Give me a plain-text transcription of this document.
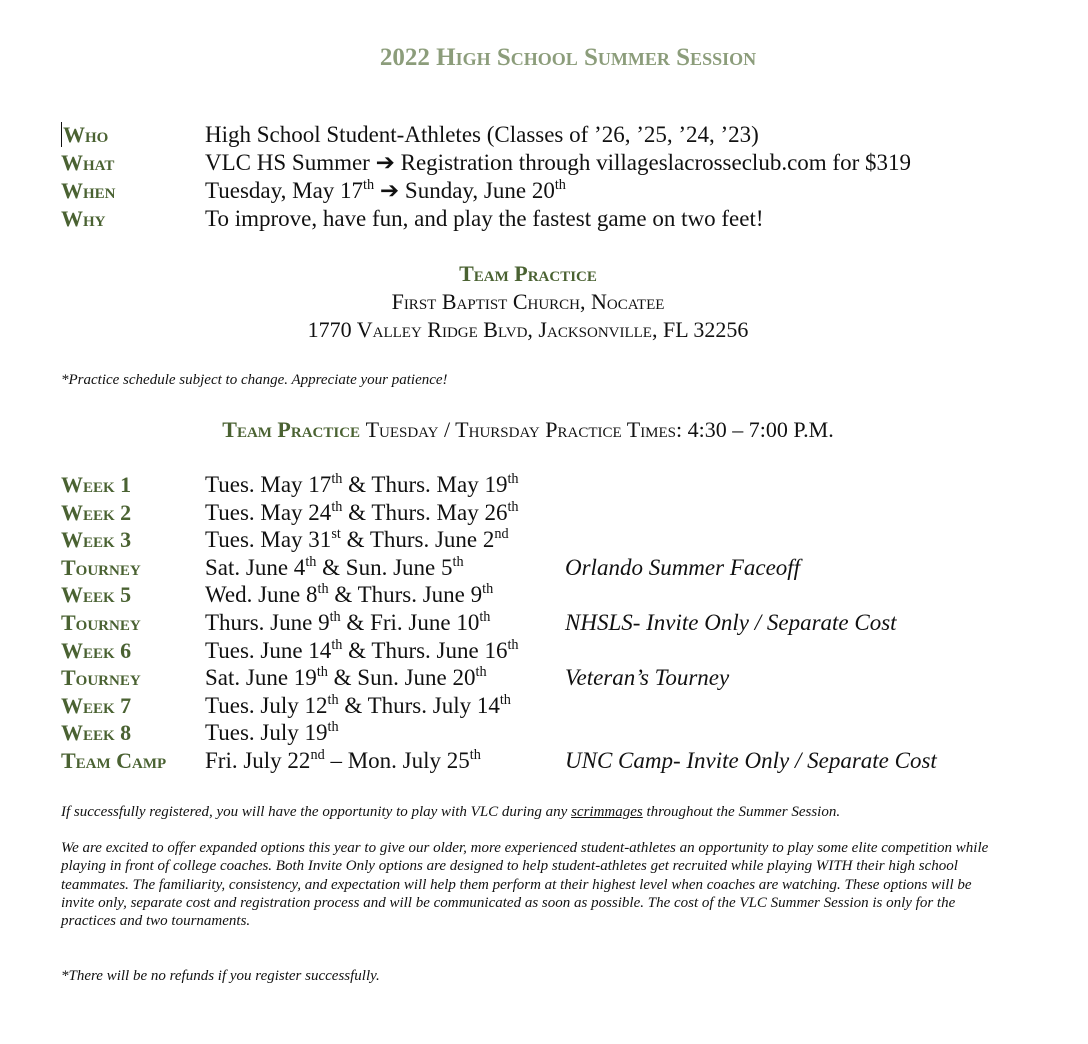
2022 High School Summer Session
Who	High School Student-Athletes (Classes of ’26, ’25, ’24, ’23)
What	VLC HS Summer ➔ Registration through villageslacrosseclub.com for $319
When	Tuesday, May 17th ➔ Sunday, June 20th
Why	To improve, have fun, and play the fastest game on two feet!
Team Practice
First Baptist Church, Nocatee
1770 Valley Ridge Blvd, Jacksonville, FL 32256
*Practice schedule subject to change. Appreciate your patience!
Team Practice Tuesday / Thursday Practice Times: 4:30 – 7:00 P.M.
Week 1	Tues. May 17th & Thurs. May 19th
Week 2	Tues. May 24th & Thurs. May 26th
Week 3	Tues. May 31st & Thurs. June 2nd
Tourney	Sat. June 4th & Sun. June 5th	Orlando Summer Faceoff
Week 5	Wed. June 8th & Thurs. June 9th
Tourney	Thurs. June 9th & Fri. June 10th	NHSLS- Invite Only / Separate Cost
Week 6	Tues. June 14th & Thurs. June 16th
Tourney	Sat. June 19th & Sun. June 20th	Veteran’s Tourney
Week 7	Tues. July 12th & Thurs. July 14th
Week 8	Tues. July 19th
Team Camp	Fri. July 22nd – Mon. July 25th	UNC Camp- Invite Only / Separate Cost
If successfully registered, you will have the opportunity to play with VLC during any scrimmages throughout the Summer Session.
We are excited to offer expanded options this year to give our older, more experienced student-athletes an opportunity to play some elite competition while playing in front of college coaches. Both Invite Only options are designed to help student-athletes get recruited while playing WITH their high school teammates. The familiarity, consistency, and expectation will help them perform at their highest level when coaches are watching. These options will be invite only, separate cost and registration process and will be communicated as soon as possible. The cost of the VLC Summer Session is only for the practices and two tournaments.
*There will be no refunds if you register successfully.
